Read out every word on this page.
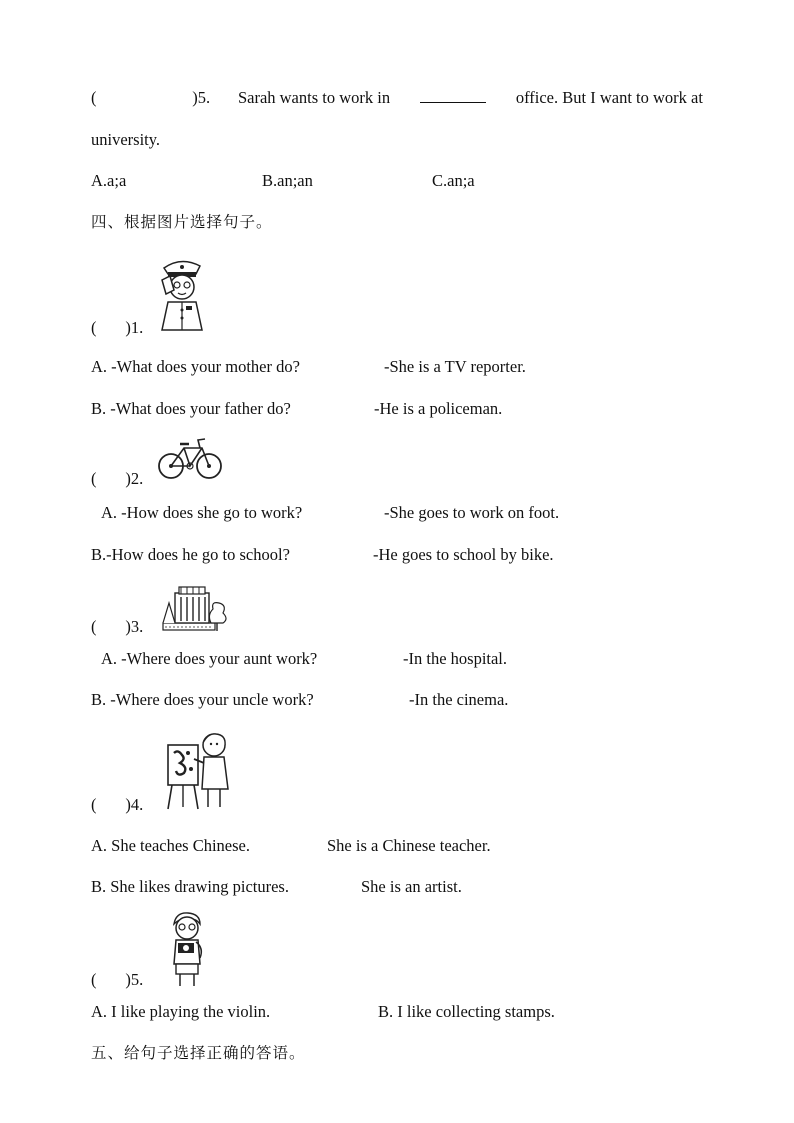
(	)5. Sarah wants to work in	office. But I want to work at
university.
A.a;a	B.an;an	C.an;a
四、根据图片选择句子。
(       )1.
A. -What does your mother do?	-She is a TV reporter.
B. -What does your father do?	-He is a policeman.
(       )2.
A. -How does she go to work?	-She goes to work on foot.
B.-How does he go to school?	-He goes to school by bike.
(       )3.
A. -Where does your aunt work?	-In the hospital.
B. -Where does your uncle work?	-In the cinema.
(       )4.
A. She teaches Chinese.	She is a Chinese teacher.
B. She likes drawing pictures.	She is an artist.
(       )5.
A. I like playing the violin.	B. I like collecting stamps.
五、给句子选择正确的答语。
